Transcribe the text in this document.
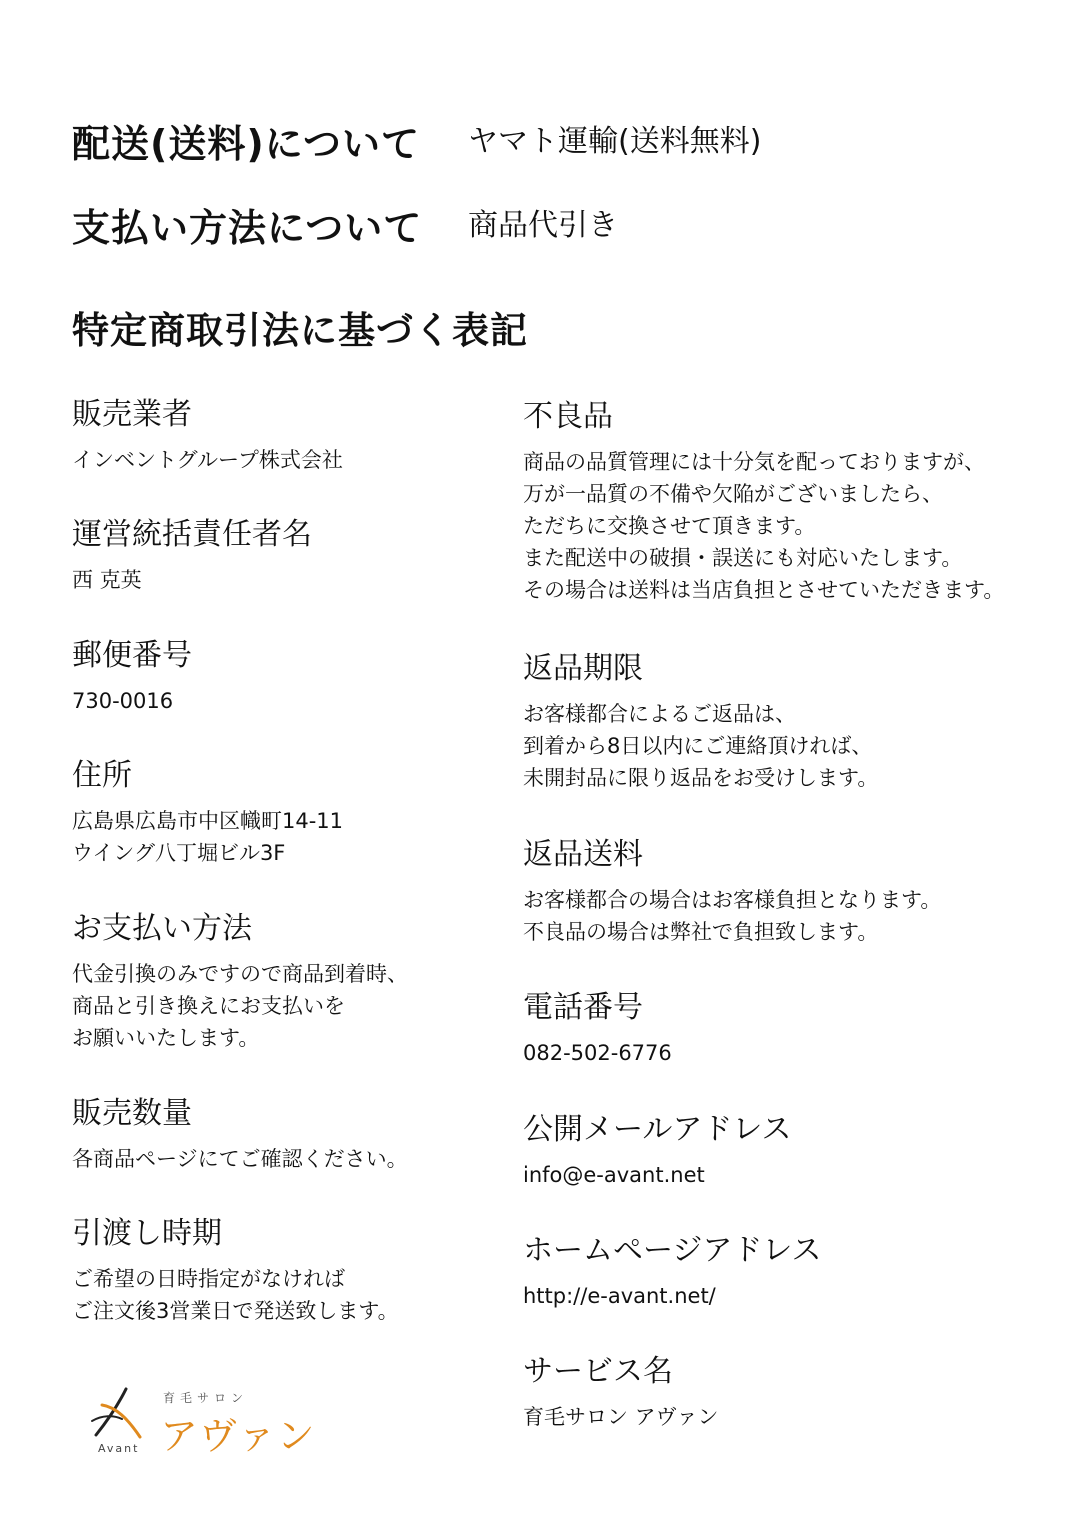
配送(送料)について ヤマト運輸(送料無料)
支払い方法について 商品代引き
特定商取引法に基づく表記
販売業者
インベントグループ株式会社
運営統括責任者名
西 克英
郵便番号
730-0016
住所
広島県広島市中区幟町14-11
ウイング八丁堀ビル3F
お支払い方法
代金引換のみですので商品到着時、
商品と引き換えにお支払いを
お願いいたします。
販売数量
各商品ページにてご確認ください。
引渡し時期
ご希望の日時指定がなければ
ご注文後3営業日で発送致します。
不良品
商品の品質管理には十分気を配っておりますが、
万が一品質の不備や欠陥がございましたら、
ただちに交換させて頂きます。
また配送中の破損・誤送にも対応いたします。
その場合は送料は当店負担とさせていただきます。
返品期限
お客様都合によるご返品は、
到着から8日以内にご連絡頂ければ、
未開封品に限り返品をお受けします。
返品送料
お客様都合の場合はお客様負担となります。
不良品の場合は弊社で負担致します。
電話番号
082-502-6776
公開メールアドレス
info@e-avant.net
ホームページアドレス
http://e-avant.net/
サービス名
育毛サロン アヴァン
育毛サロン
アヴァン
Avant
